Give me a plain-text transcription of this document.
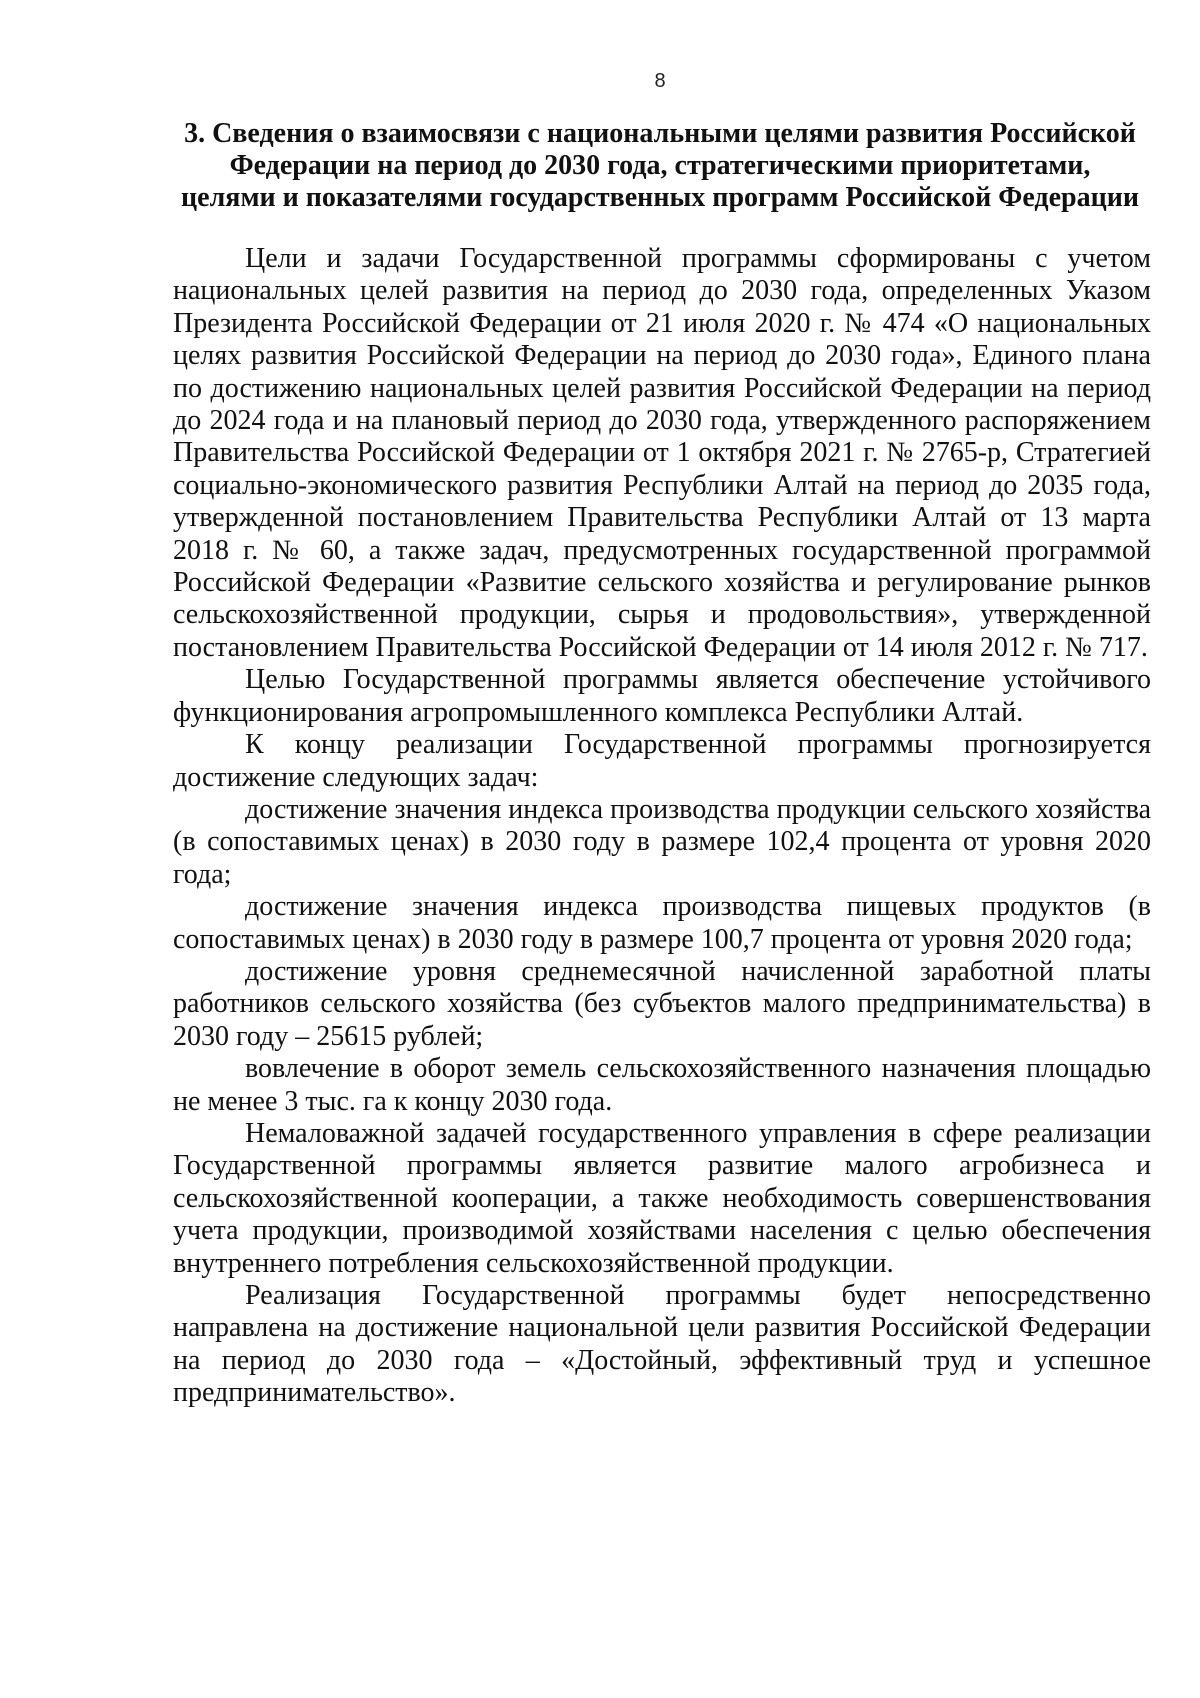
8
3. Сведения о взаимосвязи с национальными целями развития Российской
Федерации на период до 2030 года, стратегическими приоритетами,
целями и показателями государственных программ Российской Федерации

Цели и задачи Государственной программы сформированы с учетом национальных целей развития на период до 2030 года, определенных Указом Президента Российской Федерации от 21 июля 2020 г. № 474 «О национальных целях развития Российской Федерации на период до 2030 года», Единого плана по достижению национальных целей развития Российской Федерации на период до 2024 года и на плановый период до 2030 года, утвержденного распоряжением Правительства Российской Федерации от 1 октября 2021 г. № 2765-р, Стратегией социально-экономического развития Республики Алтай на период до 2035 года, утвержденной постановлением Правительства Республики Алтай от 13 марта 2018 г. № 60, а также задач, предусмотренных государственной программой Российской Федерации «Развитие сельского хозяйства и регулирование рынков сельскохозяйственной продукции, сырья и продовольствия», утвержденной постановлением Правительства Российской Федерации от 14 июля 2012 г. № 717.

Целью Государственной программы является обеспечение устойчивого функционирования агропромышленного комплекса Республики Алтай.

К концу реализации Государственной программы прогнозируется достижение следующих задач:

достижение значения индекса производства продукции сельского хозяйства (в сопоставимых ценах) в 2030 году в размере 102,4 процента от уровня 2020 года;

достижение значения индекса производства пищевых продуктов (в сопоставимых ценах) в 2030 году в размере 100,7 процента от уровня 2020 года;

достижение уровня среднемесячной начисленной заработной платы работников сельского хозяйства (без субъектов малого предпринимательства) в 2030 году – 25615 рублей;

вовлечение в оборот земель сельскохозяйственного назначения площадью не менее 3 тыс. га к концу 2030 года.

Немаловажной задачей государственного управления в сфере реализации Государственной программы является развитие малого агробизнеса и сельскохозяйственной кооперации, а также необходимость совершенствования учета продукции, производимой хозяйствами населения с целью обеспечения внутреннего потребления сельскохозяйственной продукции.

Реализация Государственной программы будет непосредственно направлена на достижение национальной цели развития Российской Федерации на период до 2030 года – «Достойный, эффективный труд и успешное предпринимательство».
